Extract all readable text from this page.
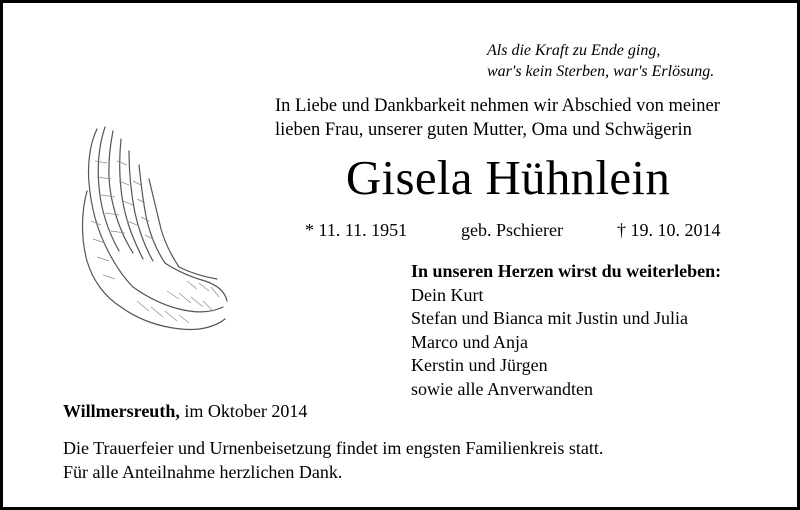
Als die Kraft zu Ende ging,
war's kein Sterben, war's Erlösung.
In Liebe und Dankbarkeit nehmen wir Abschied von meiner
lieben Frau, unserer guten Mutter, Oma und Schwägerin
Gisela Hühnlein
* 11. 11. 1951	geb. Pschierer	† 19. 10. 2014
In unseren Herzen wirst du weiterleben:
Dein Kurt
Stefan und Bianca mit Justin und Julia
Marco und Anja
Kerstin und Jürgen
sowie alle Anverwandten
Willmersreuth, im Oktober 2014
Die Trauerfeier und Urnenbeisetzung findet im engsten Familienkreis statt.
Für alle Anteilnahme herzlichen Dank.
